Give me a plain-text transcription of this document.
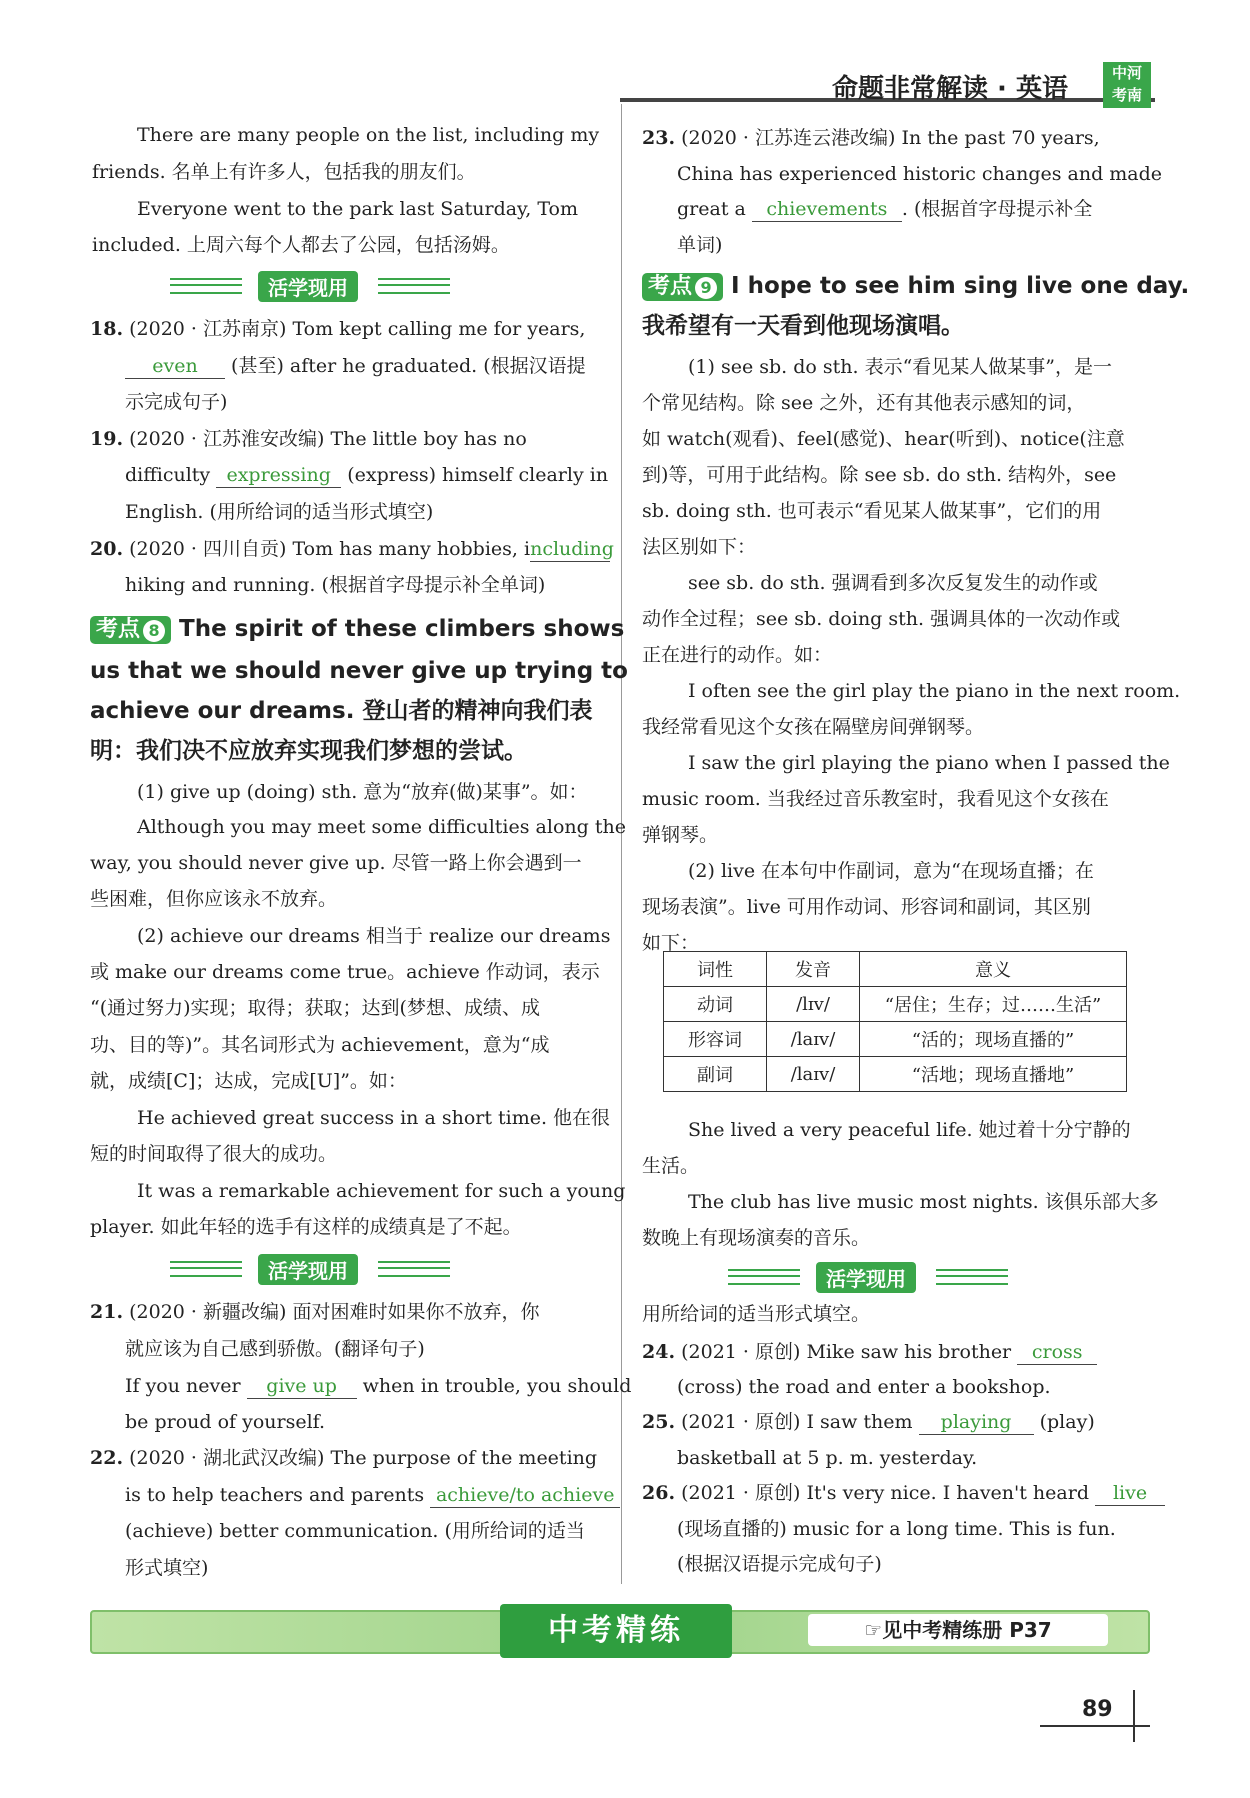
命题非常解读 · 英语
中河
考南
There are many people on the list, including my
friends. 名单上有许多人，包括我的朋友们。
Everyone went to the park last Saturday, Tom
included. 上周六每个人都去了公园，包括汤姆。
活学现用
18. (2020 · 江苏南京) Tom kept calling me for years,
even (甚至) after he graduated. (根据汉语提
示完成句子)
19. (2020 · 江苏淮安改编) The little boy has no
difficulty expressing (express) himself clearly in
English. (用所给词的适当形式填空)
20. (2020 · 四川自贡) Tom has many hobbies, including
hiking and running. (根据首字母提示补全单词)
考点 8 The spirit of these climbers shows
us that we should never give up trying to
achieve our dreams. 登山者的精神向我们表
明：我们决不应放弃实现我们梦想的尝试。
(1) give up (doing) sth. 意为“放弃(做)某事”。如：
Although you may meet some difficulties along the
way, you should never give up. 尽管一路上你会遇到一
些困难，但你应该永不放弃。
(2) achieve our dreams 相当于 realize our dreams
或 make our dreams come true。achieve 作动词，表示
“(通过努力)实现；取得；获取；达到(梦想、成绩、成
功、目的等)”。其名词形式为 achievement，意为“成
就，成绩[C]；达成，完成[U]”。如：
He achieved great success in a short time. 他在很
短的时间取得了很大的成功。
It was a remarkable achievement for such a young
player. 如此年轻的选手有这样的成绩真是了不起。
活学现用
21. (2020 · 新疆改编) 面对困难时如果你不放弃，你
就应该为自己感到骄傲。(翻译句子)
If you never give up when in trouble, you should
be proud of yourself.
22. (2020 · 湖北武汉改编) The purpose of the meeting
is to help teachers and parents achieve/to achieve
(achieve) better communication. (用所给词的适当
形式填空)
23. (2020 · 江苏连云港改编) In the past 70 years,
China has experienced historic changes and made
great a chievements . (根据首字母提示补全
单词)
考点 9 I hope to see him sing live one day.
我希望有一天看到他现场演唱。
(1) see sb. do sth. 表示“看见某人做某事”，是一
个常见结构。除 see 之外，还有其他表示感知的词，
如 watch(观看)、feel(感觉)、hear(听到)、notice(注意
到)等，可用于此结构。除 see sb. do sth. 结构外，see
sb. doing sth. 也可表示“看见某人做某事”，它们的用
法区别如下：
see sb. do sth. 强调看到多次反复发生的动作或
动作全过程；see sb. doing sth. 强调具体的一次动作或
正在进行的动作。如：
I often see the girl play the piano in the next room.
我经常看见这个女孩在隔壁房间弹钢琴。
I saw the girl playing the piano when I passed the
music room. 当我经过音乐教室时，我看见这个女孩在
弹钢琴。
(2) live 在本句中作副词，意为“在现场直播；在
现场表演”。live 可用作动词、形容词和副词，其区别
如下：
词性	发音	意义
动词	/lɪv/	“居住；生存；过……生活”
形容词	/laɪv/	“活的；现场直播的”
副词	/laɪv/	“活地；现场直播地”
She lived a very peaceful life. 她过着十分宁静的
生活。
The club has live music most nights. 该俱乐部大多
数晚上有现场演奏的音乐。
活学现用
用所给词的适当形式填空。
24. (2021 · 原创) Mike saw his brother cross
(cross) the road and enter a bookshop.
25. (2021 · 原创) I saw them playing (play)
basketball at 5 p. m. yesterday.
26. (2021 · 原创) It's very nice. I haven't heard live
(现场直播的) music for a long time. This is fun.
(根据汉语提示完成句子)
中考精练	☞见中考精练册 P37
89
